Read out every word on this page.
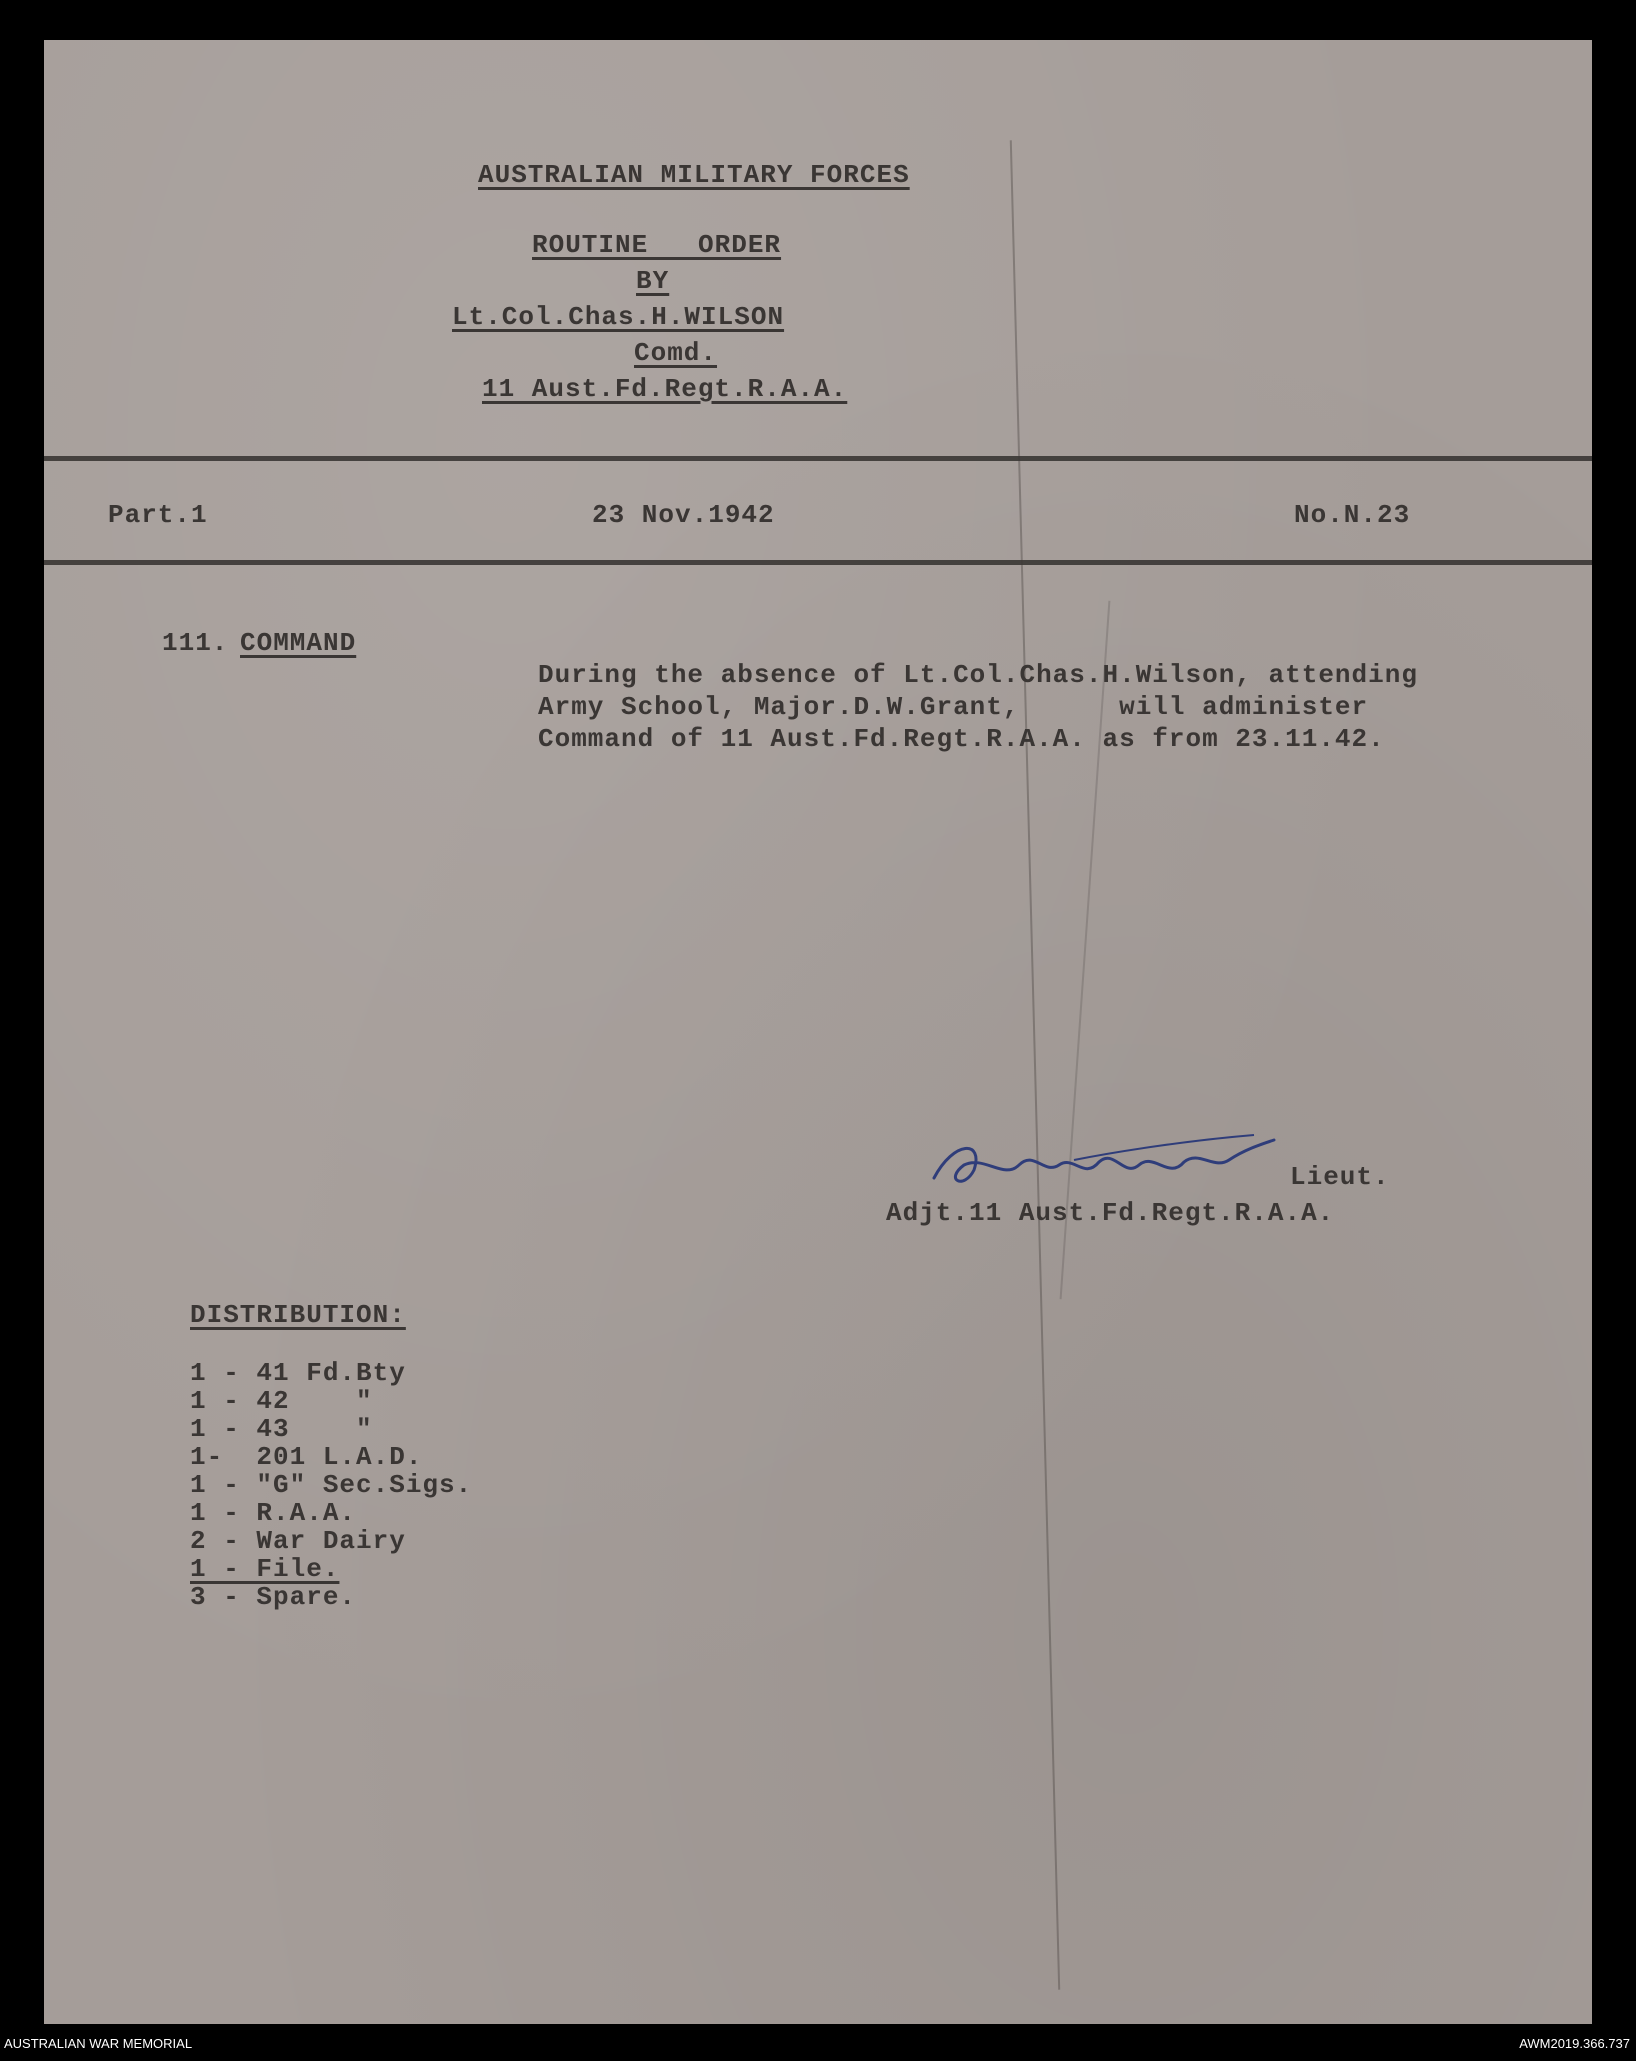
AUSTRALIAN MILITARY FORCES
ROUTINE   ORDER
BY
Lt.Col.Chas.H.WILSON
Comd.
11 Aust.Fd.Regt.R.A.A.
Part.1	23 Nov.1942	No.N.23
111. COMMAND
During the absence of Lt.Col.Chas.H.Wilson, attending
Army School, Major.D.W.Grant,      will administer
Command of 11 Aust.Fd.Regt.R.A.A. as from 23.11.42.
Lieut.
Adjt.11 Aust.Fd.Regt.R.A.A.
DISTRIBUTION:
1 - 41 Fd.Bty
1 - 42    "
1 - 43    "
1-  201 L.A.D.
1 - "G" Sec.Sigs.
1 - R.A.A.
2 - War Dairy
1 - File.
3 - Spare.
AUSTRALIAN WAR MEMORIAL	AWM2019.366.737
